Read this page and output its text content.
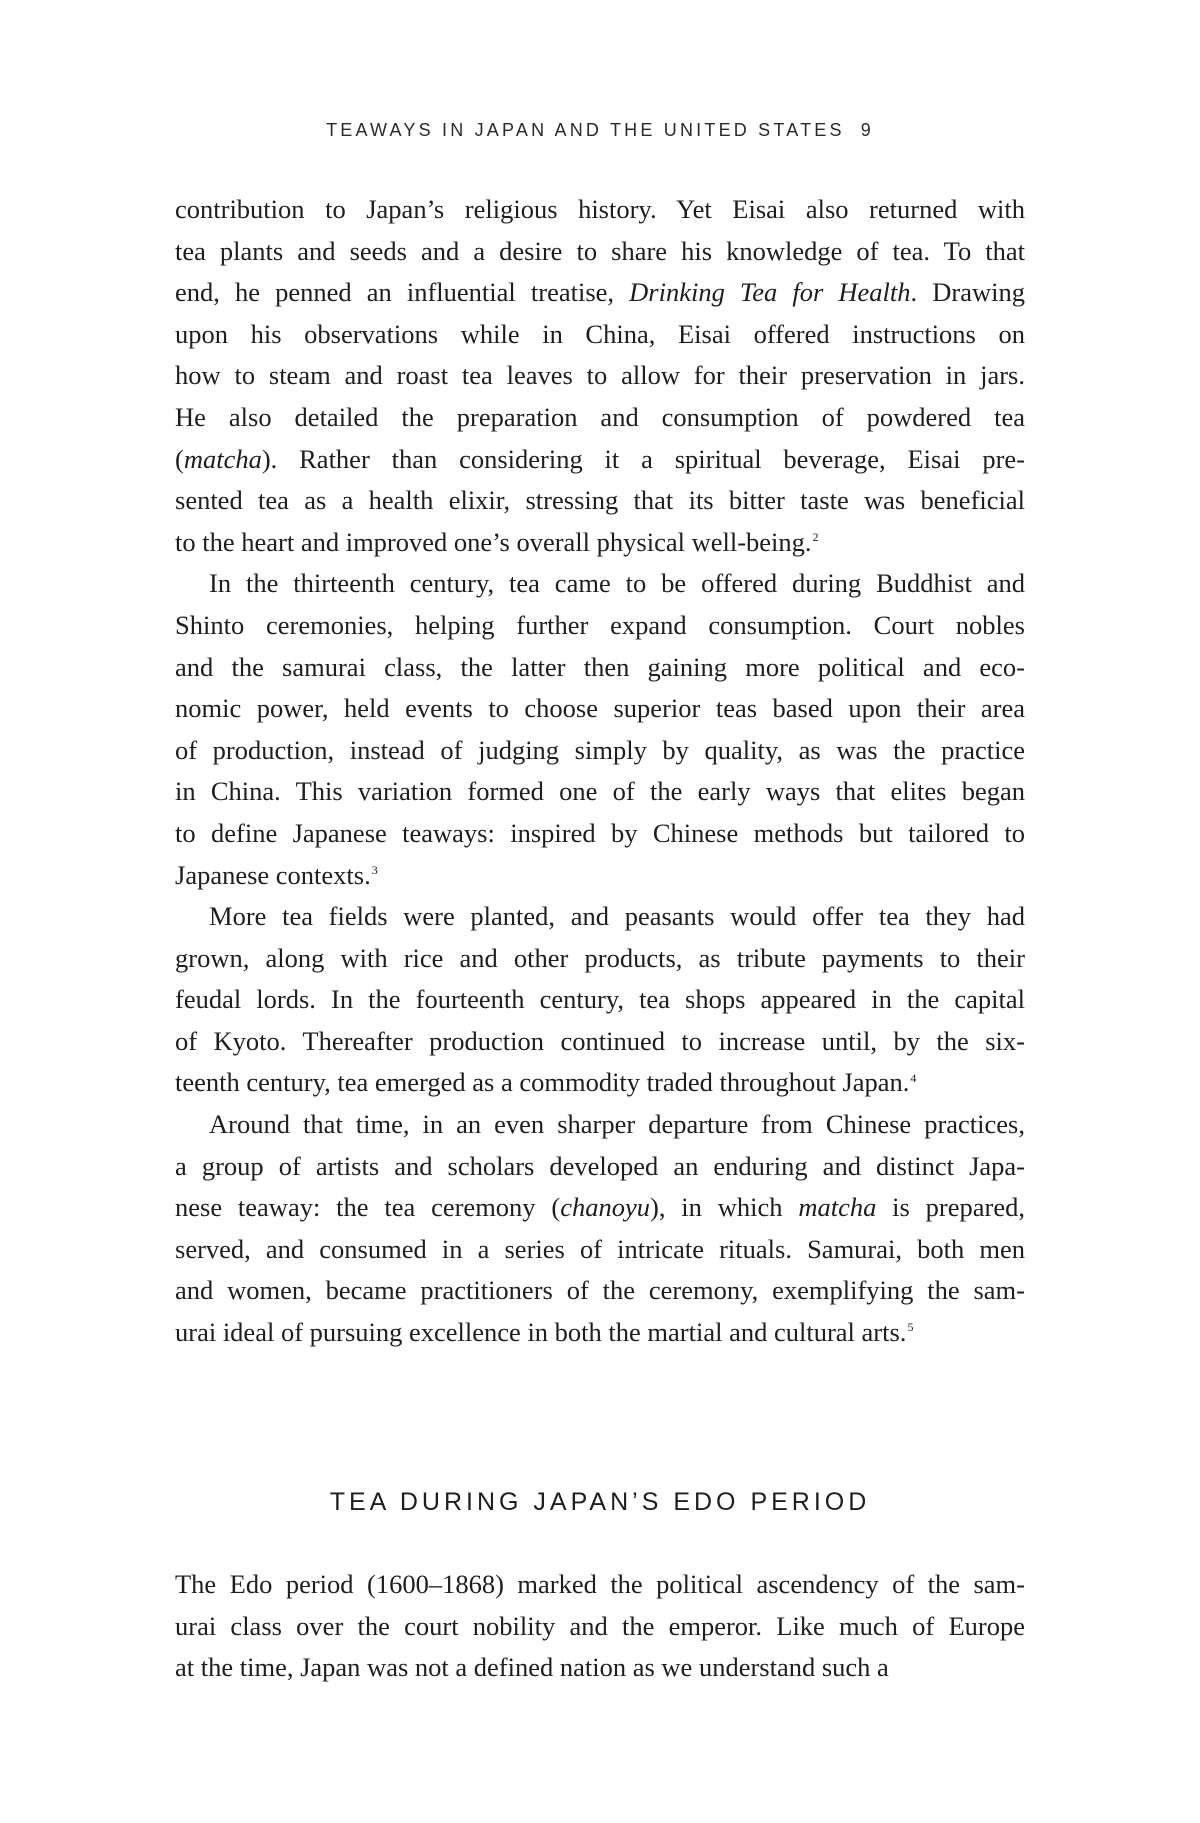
TEAWAYS IN JAPAN AND THE UNITED STATES 9

contribution to Japan’s religious history. Yet Eisai also returned with
tea plants and seeds and a desire to share his knowledge of tea. To that
end, he penned an influential treatise, Drinking Tea for Health. Drawing
upon his observations while in China, Eisai offered instructions on
how to steam and roast tea leaves to allow for their preservation in jars.
He also detailed the preparation and consumption of powdered tea
(matcha). Rather than considering it a spiritual beverage, Eisai pre-
sented tea as a health elixir, stressing that its bitter taste was beneficial
to the heart and improved one’s overall physical well-being.$^2$

In the thirteenth century, tea came to be offered during Buddhist and
Shinto ceremonies, helping further expand consumption. Court nobles
and the samurai class, the latter then gaining more political and eco-
nomic power, held events to choose superior teas based upon their area
of production, instead of judging simply by quality, as was the practice
in China. This variation formed one of the early ways that elites began
to define Japanese teaways: inspired by Chinese methods but tailored to
Japanese contexts.$^3$

More tea fields were planted, and peasants would offer tea they had
grown, along with rice and other products, as tribute payments to their
feudal lords. In the fourteenth century, tea shops appeared in the capital
of Kyoto. Thereafter production continued to increase until, by the six-
teenth century, tea emerged as a commodity traded throughout Japan.$^4$

Around that time, in an even sharper departure from Chinese practices,
a group of artists and scholars developed an enduring and distinct Japa-
nese teaway: the tea ceremony (chanoyu), in which matcha is prepared,
served, and consumed in a series of intricate rituals. Samurai, both men
and women, became practitioners of the ceremony, exemplifying the sam-
urai ideal of pursuing excellence in both the martial and cultural arts.$^5$

TEA DURING JAPAN’S EDO PERIOD

The Edo period (1600–1868) marked the political ascendency of the sam-
urai class over the court nobility and the emperor. Like much of Europe
at the time, Japan was not a defined nation as we understand such a
